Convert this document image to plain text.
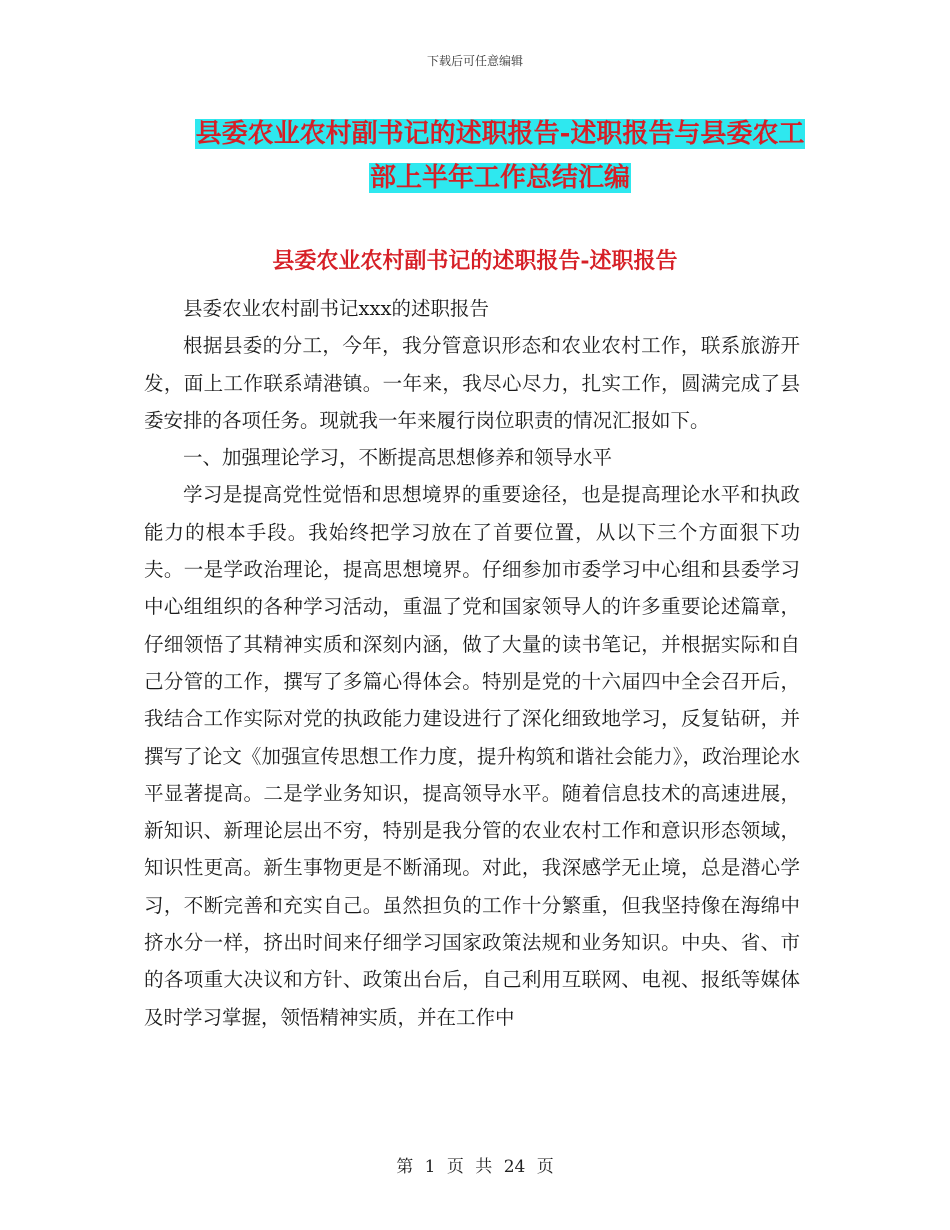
下载后可任意编辑
县委农业农村副书记的述职报告-述职报告与县委农工
部上半年工作总结汇编
县委农业农村副书记的述职报告-述职报告

县委农业农村副书记xxx的述职报告

根据县委的分工，今年，我分管意识形态和农业农村工作，联系旅游开发，面上工作联系靖港镇。一年来，我尽心尽力，扎实工作，圆满完成了县委安排的各项任务。现就我一年来履行岗位职责的情况汇报如下。

一、加强理论学习，不断提高思想修养和领导水平

学习是提高党性觉悟和思想境界的重要途径，也是提高理论水平和执政能力的根本手段。我始终把学习放在了首要位置，从以下三个方面狠下功夫。一是学政治理论，提高思想境界。仔细参加市委学习中心组和县委学习中心组组织的各种学习活动，重温了党和国家领导人的许多重要论述篇章，仔细领悟了其精神实质和深刻内涵，做了大量的读书笔记，并根据实际和自己分管的工作，撰写了多篇心得体会。特别是党的十六届四中全会召开后，我结合工作实际对党的执政能力建设进行了深化细致地学习，反复钻研，并撰写了论文《加强宣传思想工作力度，提升构筑和谐社会能力》，政治理论水平显著提高。二是学业务知识，提高领导水平。随着信息技术的高速进展，新知识、新理论层出不穷，特别是我分管的农业农村工作和意识形态领域，知识性更高。新生事物更是不断涌现。对此，我深感学无止境，总是潜心学习，不断完善和充实自己。虽然担负的工作十分繁重，但我坚持像在海绵中挤水分一样，挤出时间来仔细学习国家政策法规和业务知识。中央、省、市的各项重大决议和方针、政策出台后，自己利用互联网、电视、报纸等媒体及时学习掌握，领悟精神实质，并在工作中

第 1 页 共 24 页
